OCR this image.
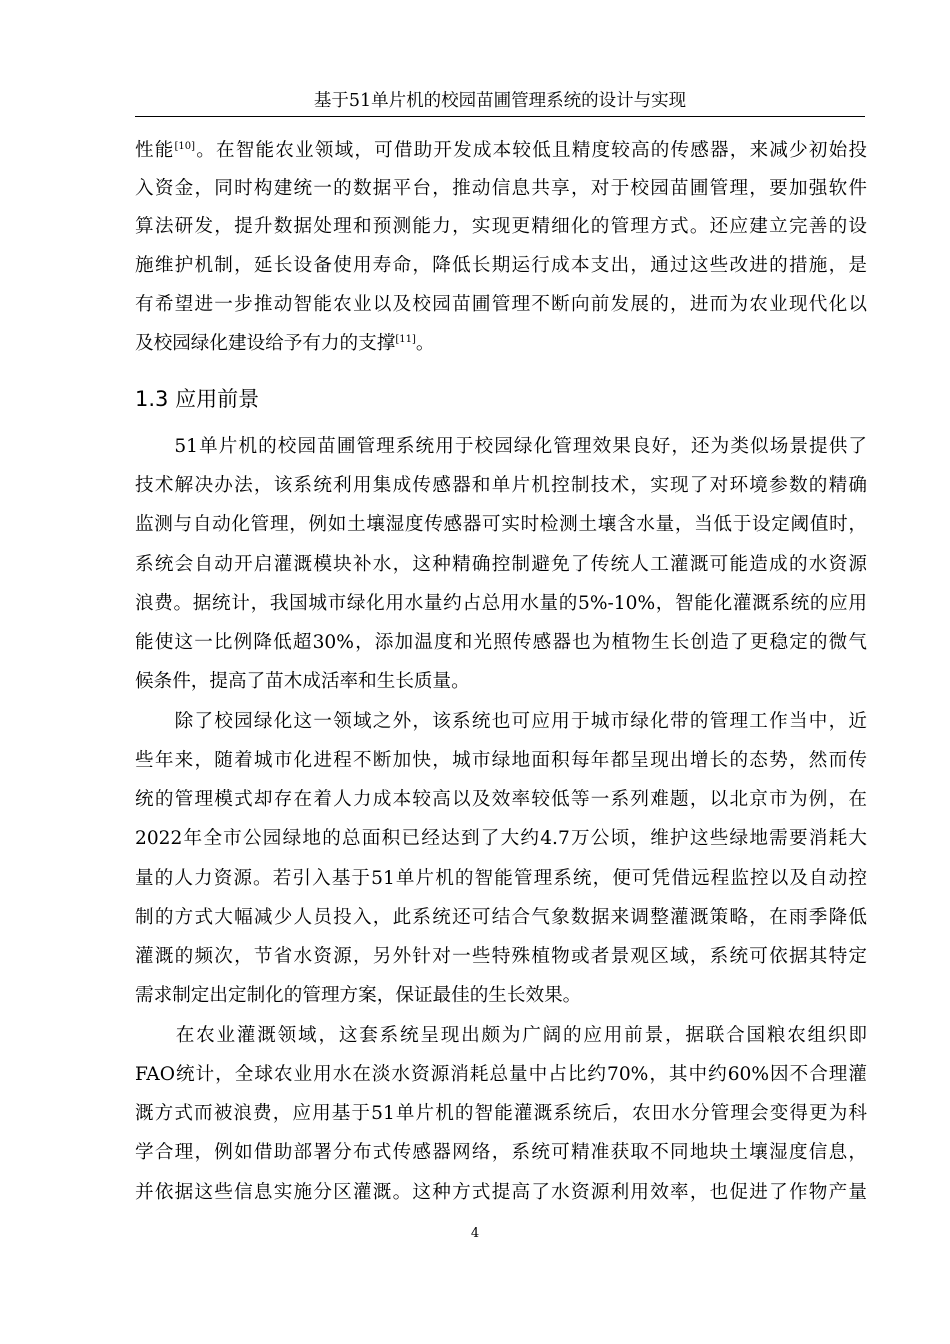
基于51单片机的校园苗圃管理系统的设计与实现
性能[10]。在智能农业领域，可借助开发成本较低且精度较高的传感器，来减少初始投
入资金，同时构建统一的数据平台，推动信息共享，对于校园苗圃管理，要加强软件
算法研发，提升数据处理和预测能力，实现更精细化的管理方式。还应建立完善的设
施维护机制，延长设备使用寿命，降低长期运行成本支出，通过这些改进的措施，是
有希望进一步推动智能农业以及校园苗圃管理不断向前发展的，进而为农业现代化以
及校园绿化建设给予有力的支撑[11]。
1.3 应用前景
　　51单片机的校园苗圃管理系统用于校园绿化管理效果良好，还为类似场景提供了
技术解决办法，该系统利用集成传感器和单片机控制技术，实现了对环境参数的精确
监测与自动化管理，例如土壤湿度传感器可实时检测土壤含水量，当低于设定阈值时，
系统会自动开启灌溉模块补水，这种精确控制避免了传统人工灌溉可能造成的水资源
浪费。据统计，我国城市绿化用水量约占总用水量的5%-10%，智能化灌溉系统的应用
能使这一比例降低超30%，添加温度和光照传感器也为植物生长创造了更稳定的微气
候条件，提高了苗木成活率和生长质量。
　　除了校园绿化这一领域之外，该系统也可应用于城市绿化带的管理工作当中，近
些年来，随着城市化进程不断加快，城市绿地面积每年都呈现出增长的态势，然而传
统的管理模式却存在着人力成本较高以及效率较低等一系列难题，以北京市为例，在
2022年全市公园绿地的总面积已经达到了大约4.7万公顷，维护这些绿地需要消耗大
量的人力资源。若引入基于51单片机的智能管理系统，便可凭借远程监控以及自动控
制的方式大幅减少人员投入，此系统还可结合气象数据来调整灌溉策略，在雨季降低
灌溉的频次，节省水资源，另外针对一些特殊植物或者景观区域，系统可依据其特定
需求制定出定制化的管理方案，保证最佳的生长效果。
　　在农业灌溉领域，这套系统呈现出颇为广阔的应用前景，据联合国粮农组织即
FAO统计，全球农业用水在淡水资源消耗总量中占比约70%，其中约60%因不合理灌
溉方式而被浪费，应用基于51单片机的智能灌溉系统后，农田水分管理会变得更为科
学合理，例如借助部署分布式传感器网络，系统可精准获取不同地块土壤湿度信息，
并依据这些信息实施分区灌溉。这种方式提高了水资源利用效率，也促进了作物产量
4
